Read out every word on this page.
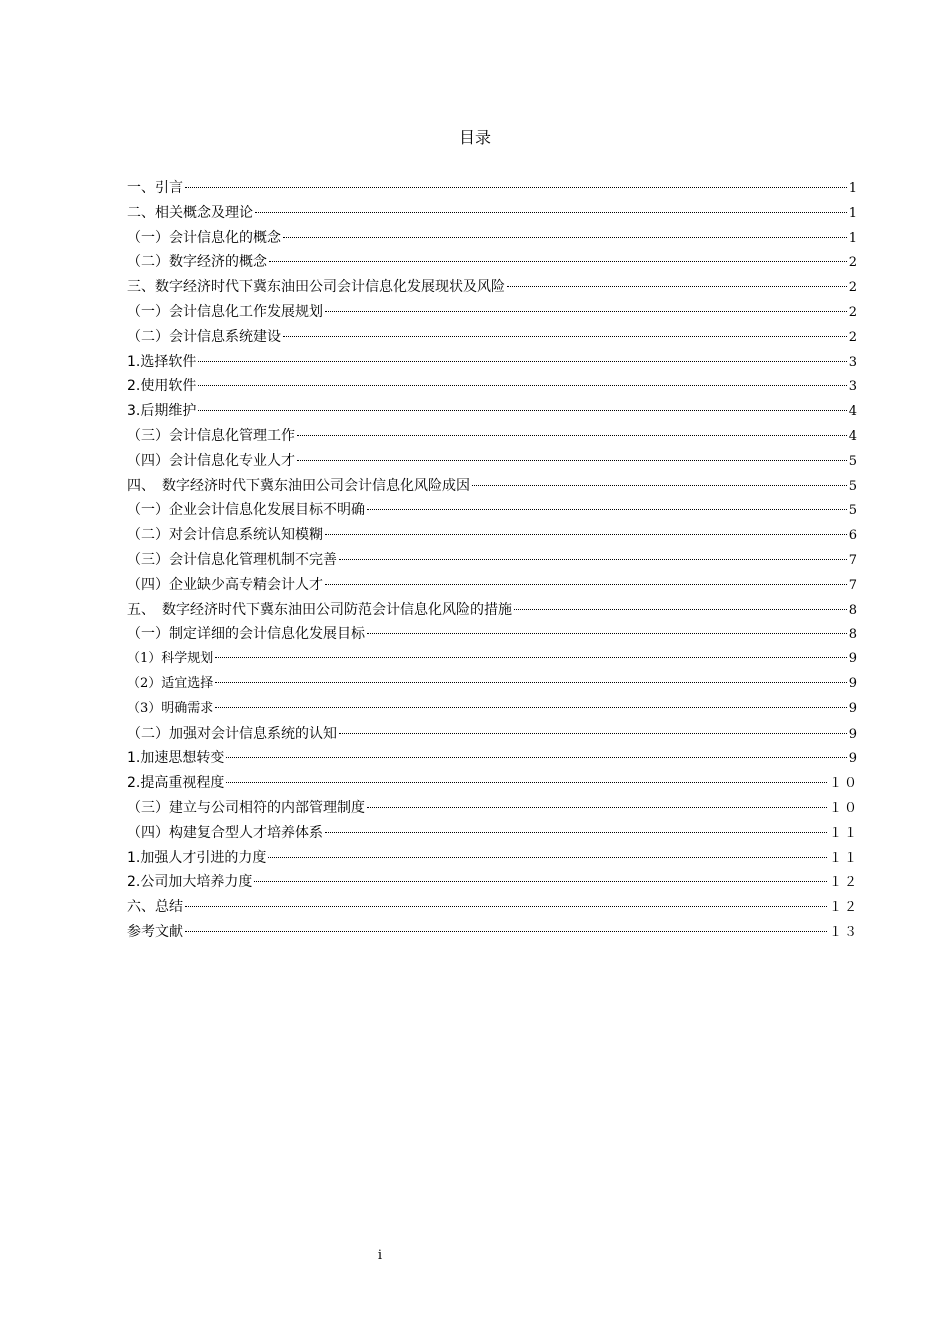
目录
一、引言	1
二、相关概念及理论	1
（一）会计信息化的概念	1
（二）数字经济的概念	2
三、数字经济时代下冀东油田公司会计信息化发展现状及风险	2
（一）会计信息化工作发展规划	2
（二）会计信息系统建设	2
1.选择软件	3
2.使用软件	3
3.后期维护	4
（三）会计信息化管理工作	4
（四）会计信息化专业人才	5
四、　数字经济时代下冀东油田公司会计信息化风险成因	5
（一）企业会计信息化发展目标不明确	5
（二）对会计信息系统认知模糊	6
（三）会计信息化管理机制不完善	7
（四）企业缺少高专精会计人才	7
五、　数字经济时代下冀东油田公司防范会计信息化风险的措施	8
（一）制定详细的会计信息化发展目标	8
（1）科学规划	9
（2）适宜选择	9
（3）明确需求	9
（二）加强对会计信息系统的认知	9
1.加速思想转变	9
2.提高重视程度	１０
（三）建立与公司相符的内部管理制度	１０
（四）构建复合型人才培养体系	１１
1.加强人才引进的力度	１１
2.公司加大培养力度	１２
六、总结	１２
参考文献	１３
i
